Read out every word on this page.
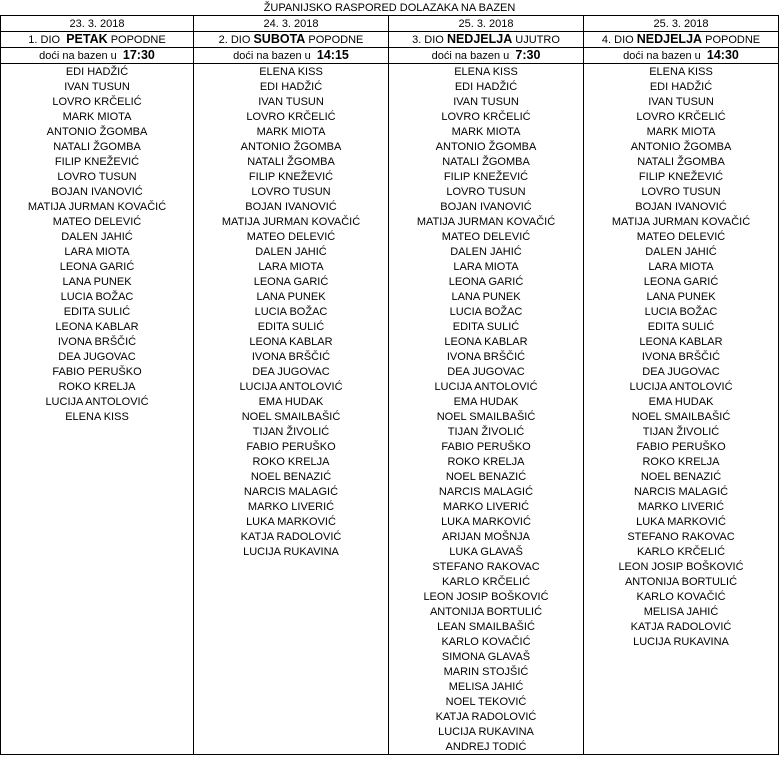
ŽUPANIJSKO RASPORED DOLAZAKA NA BAZEN			
23. 3. 2018	24. 3. 2018	25. 3. 2018	25. 3. 2018
1. DIO PETAK POPODNE	2. DIO SUBOTA POPODNE	3. DIO NEDJELJA UJUTRO	4. DIO NEDJELJA POPODNE
doći na bazen u 17:30	doći na bazen u 14:15	doći na bazen u 7:30	doći na bazen u 14:30
EDI HADŽIĆ	ELENA KISS	ELENA KISS	ELENA KISS
IVAN TUSUN	EDI HADŽIĆ	EDI HADŽIĆ	EDI HADŽIĆ
LOVRO KRČELIĆ	IVAN TUSUN	IVAN TUSUN	IVAN TUSUN
MARK MIOTA	LOVRO KRČELIĆ	LOVRO KRČELIĆ	LOVRO KRČELIĆ
ANTONIO ŽGOMBA	MARK MIOTA	MARK MIOTA	MARK MIOTA
NATALI ŽGOMBA	ANTONIO ŽGOMBA	ANTONIO ŽGOMBA	ANTONIO ŽGOMBA
FILIP KNEŽEVIĆ	NATALI ŽGOMBA	NATALI ŽGOMBA	NATALI ŽGOMBA
LOVRO TUSUN	FILIP KNEŽEVIĆ	FILIP KNEŽEVIĆ	FILIP KNEŽEVIĆ
BOJAN IVANOVIĆ	LOVRO TUSUN	LOVRO TUSUN	LOVRO TUSUN
MATIJA JURMAN KOVAČIĆ	BOJAN IVANOVIĆ	BOJAN IVANOVIĆ	BOJAN IVANOVIĆ
MATEO DELEVIĆ	MATIJA JURMAN KOVAČIĆ	MATIJA JURMAN KOVAČIĆ	MATIJA JURMAN KOVAČIĆ
DALEN JAHIĆ	MATEO DELEVIĆ	MATEO DELEVIĆ	MATEO DELEVIĆ
LARA MIOTA	DALEN JAHIĆ	DALEN JAHIĆ	DALEN JAHIĆ
LEONA GARIĆ	LARA MIOTA	LARA MIOTA	LARA MIOTA
LANA PUNEK	LEONA GARIĆ	LEONA GARIĆ	LEONA GARIĆ
LUCIA BOŽAC	LANA PUNEK	LANA PUNEK	LANA PUNEK
EDITA SULIĆ	LUCIA BOŽAC	LUCIA BOŽAC	LUCIA BOŽAC
LEONA KABLAR	EDITA SULIĆ	EDITA SULIĆ	EDITA SULIĆ
IVONA BRŠČIĆ	LEONA KABLAR	LEONA KABLAR	LEONA KABLAR
DEA JUGOVAC	IVONA BRŠČIĆ	IVONA BRŠČIĆ	IVONA BRŠČIĆ
FABIO PERUŠKO	DEA JUGOVAC	DEA JUGOVAC	DEA JUGOVAC
ROKO KRELJA	LUCIJA ANTOLOVIĆ	LUCIJA ANTOLOVIĆ	LUCIJA ANTOLOVIĆ
LUCIJA ANTOLOVIĆ	EMA HUDAK	EMA HUDAK	EMA HUDAK
ELENA KISS	NOEL SMAILBAŠIĆ	NOEL SMAILBAŠIĆ	NOEL SMAILBAŠIĆ
	TIJAN ŽIVOLIĆ	TIJAN ŽIVOLIĆ	TIJAN ŽIVOLIĆ
	FABIO PERUŠKO	FABIO PERUŠKO	FABIO PERUŠKO
	ROKO KRELJA	ROKO KRELJA	ROKO KRELJA
	NOEL BENAZIĆ	NOEL BENAZIĆ	NOEL BENAZIĆ
	NARCIS MALAGIĆ	NARCIS MALAGIĆ	NARCIS MALAGIĆ
	MARKO LIVERIĆ	MARKO LIVERIĆ	MARKO LIVERIĆ
	LUKA MARKOVIĆ	LUKA MARKOVIĆ	LUKA MARKOVIĆ
	KATJA RADOLOVIĆ	ARIJAN MOŠNJA	STEFANO RAKOVAC
	LUCIJA RUKAVINA	LUKA GLAVAŠ	KARLO KRČELIĆ
		STEFANO RAKOVAC	LEON JOSIP BOŠKOVIĆ
		KARLO KRČELIĆ	ANTONIJA BORTULIĆ
		LEON JOSIP BOŠKOVIĆ	KARLO KOVAČIĆ
		ANTONIJA BORTULIĆ	MELISA JAHIĆ
		LEAN SMAILBAŠIĆ	KATJA RADOLOVIĆ
		KARLO KOVAČIĆ	LUCIJA RUKAVINA
		SIMONA GLAVAŠ	
		MARIN STOJŠIĆ	
		MELISA JAHIĆ	
		NOEL TEKOVIĆ	
		KATJA RADOLOVIĆ	
		LUCIJA RUKAVINA	
		ANDREJ TODIĆ	
